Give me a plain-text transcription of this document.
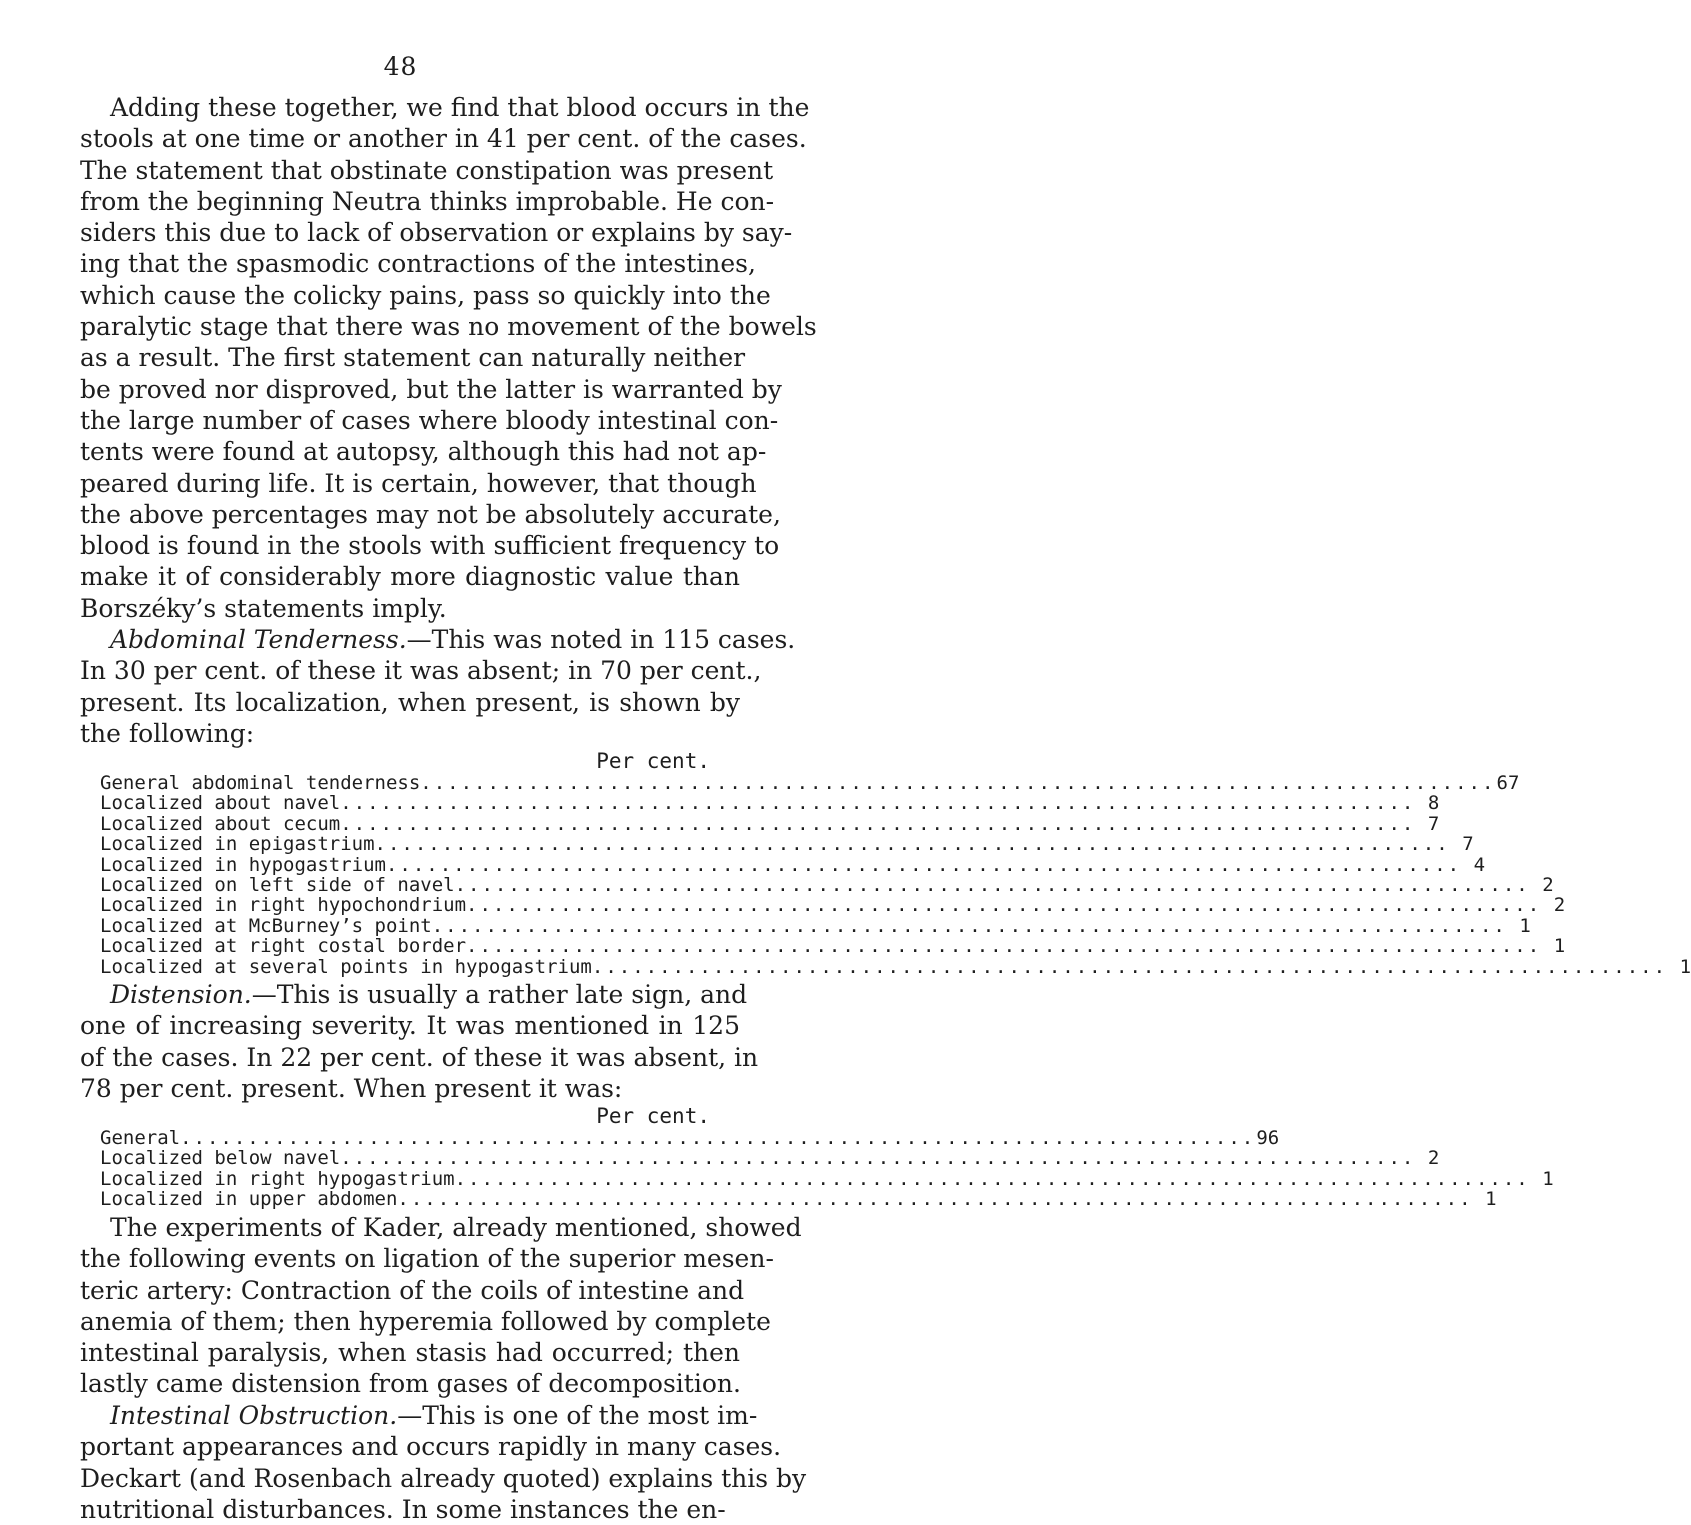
48
Adding these together, we find that blood occurs in the
stools at one time or another in 41 per cent. of the cases.
The statement that obstinate constipation was present
from the beginning Neutra thinks improbable. He con-
siders this due to lack of observation or explains by say-
ing that the spasmodic contractions of the intestines,
which cause the colicky pains, pass so quickly into the
paralytic stage that there was no movement of the bowels
as a result. The first statement can naturally neither
be proved nor disproved, but the latter is warranted by
the large number of cases where bloody intestinal con-
tents were found at autopsy, although this had not ap-
peared during life. It is certain, however, that though
the above percentages may not be absolutely accurate,
blood is found in the stools with sufficient frequency to
make it of considerably more diagnostic value than
Borszéky’s statements imply.
Abdominal Tenderness.—This was noted in 115 cases.
In 30 per cent. of these it was absent; in 70 per cent.,
present. Its localization, when present, is shown by
the following:
Per cent.
General abdominal tenderness ................................................................................ 67
Localized about navel ................................................................................ 8
Localized about cecum ................................................................................ 7
Localized in epigastrium ................................................................................ 7
Localized in hypogastrium ................................................................................ 4
Localized on left side of navel ................................................................................ 2
Localized in right hypochondrium ................................................................................ 2
Localized at McBurney’s point ................................................................................ 1
Localized at right costal border ................................................................................ 1
Localized at several points in hypogastrium ................................................................................ 1
Distension.—This is usually a rather late sign, and
one of increasing severity. It was mentioned in 125
of the cases. In 22 per cent. of these it was absent, in
78 per cent. present. When present it was:
Per cent.
General ................................................................................ 96
Localized below navel ................................................................................ 2
Localized in right hypogastrium ................................................................................ 1
Localized in upper abdomen ................................................................................ 1
The experiments of Kader, already mentioned, showed
the following events on ligation of the superior mesen-
teric artery: Contraction of the coils of intestine and
anemia of them; then hyperemia followed by complete
intestinal paralysis, when stasis had occurred; then
lastly came distension from gases of decomposition.
Intestinal Obstruction.—This is one of the most im-
portant appearances and occurs rapidly in many cases.
Deckart (and Rosenbach already quoted) explains this by
nutritional disturbances. In some instances the en-
